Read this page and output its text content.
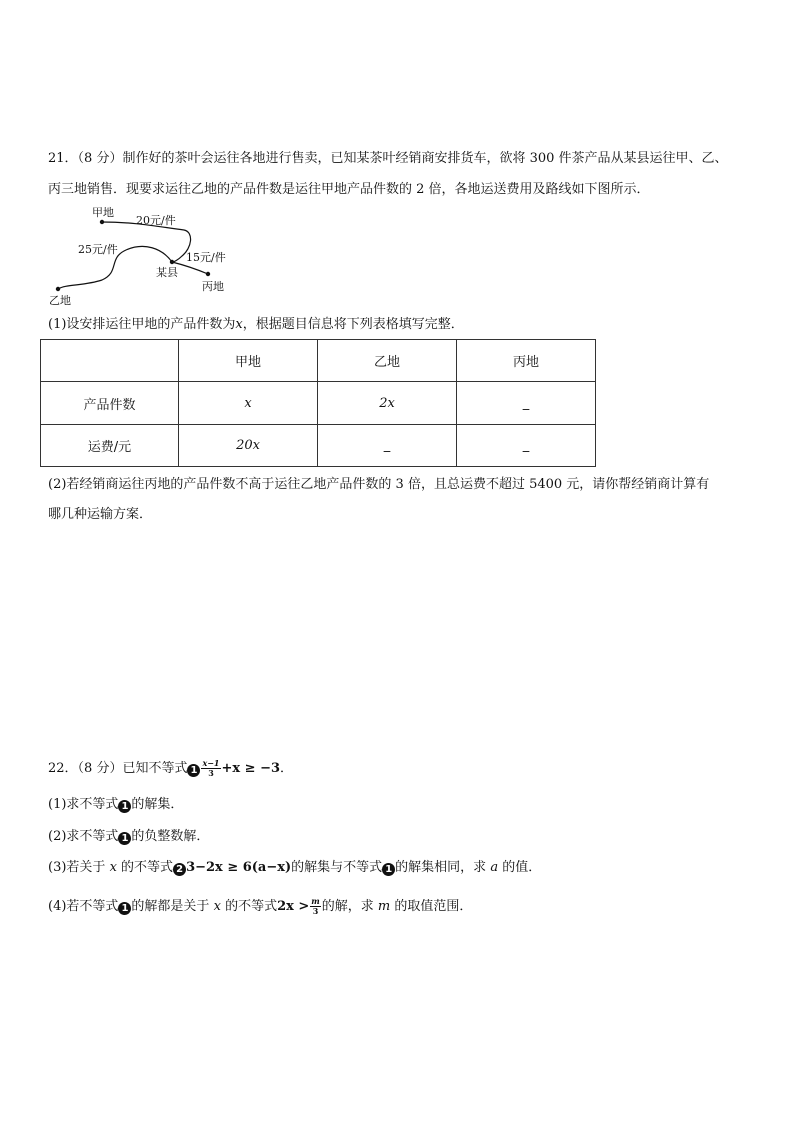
21．（8 分）制作好的茶叶会运往各地进行售卖，已知某茶叶经销商安排货车，欲将 300 件茶产品从某县运往甲、乙、
丙三地销售．现要求运往乙地的产品件数是运往甲地产品件数的 2 倍，各地运送费用及路线如下图所示．
甲地
20元/件
25元/件
15元/件
某县
丙地
乙地
(1)设安排运往甲地的产品件数为x，根据题目信息将下列表格填写完整．
	甲地	乙地	丙地
产品件数	x	2x	_
运费/元	20x	_	_
(2)若经销商运往丙地的产品件数不高于运往乙地产品件数的 3 倍，且总运费不超过 5400 元，请你帮经销商计算有
哪几种运输方案．
22．（8 分）已知不等式 $1 \frac{x-1}{3} +x \ge -3$．
(1)求不等式 1 的解集．
(2)求不等式 1 的负整数解．
(3)若关于 x 的不等式 2 3−2x ≥ 6(a−x)的解集与不等式 1 的解集相同，求 a 的值．
(4)若不等式 1 的解都是关于 x 的不等式$2x > \frac{m}{3}$ 的解，求 m 的取值范围．
